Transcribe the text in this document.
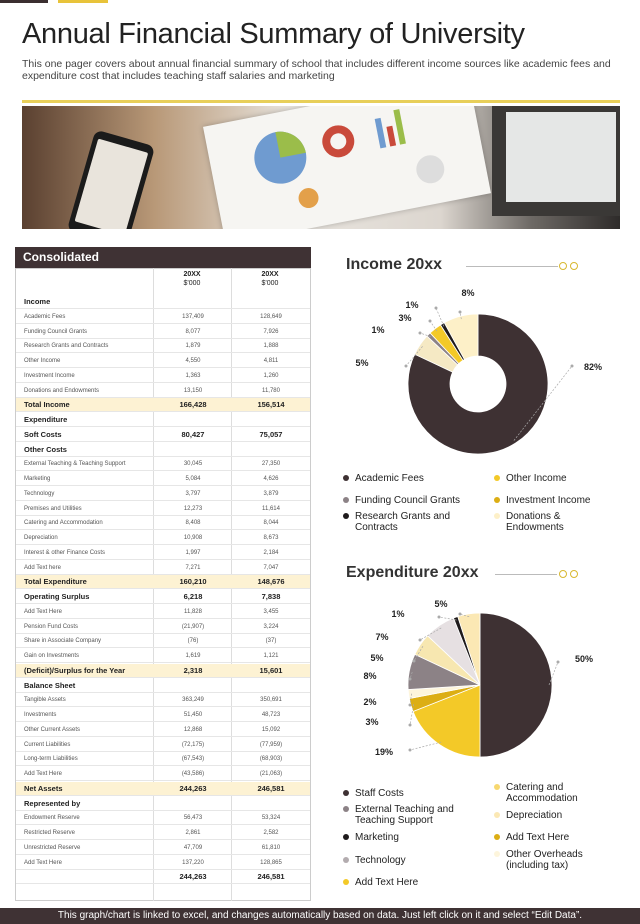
Annual Financial Summary of University

This one pager covers about annual financial summary of school that includes different income sources like academic fees and expenditure cost that includes teaching staff salaries and marketing

Consolidated
20XX
$'000
20XX
$'000
Income
Academic Fees	137,409	128,649
Funding Council Grants	8,077	7,926
Research Grants and Contracts	1,879	1,888
Other Income	4,550	4,811
Investment Income	1,363	1,260
Donations and Endowments	13,150	11,780
Total Income	166,428	156,514
Expenditure
Soft Costs	80,427	75,057
Other Costs
External Teaching & Teaching Support	30,045	27,350
Marketing	5,084	4,626
Technology	3,797	3,879
Premises and Utilities	12,273	11,614
Catering and Accommodation	8,408	8,044
Depreciation	10,908	8,673
Interest & other Finance Costs	1,997	2,184
Add Text here	7,271	7,047
Total Expenditure	160,210	148,676
Operating Surplus	6,218	7,838
Add Text Here	11,828	3,455
Pension Fund Costs	(21,907)	3,224
Share in Associate Company	(76)	(37)
Gain on Investments	1,619	1,121
(Deficit)/Surplus for the Year	2,318	15,601
Balance Sheet
Tangible Assets	363,249	350,691
Investments	51,450	48,723
Other Current Assets	12,868	15,092
Current Liabilities	(72,175)	(77,959)
Long-term Liabilities	(67,543)	(68,903)
Add Text Here	(43,586)	(21,063)
Net Assets	244,263	246,581
Represented by
Endowment Reserve	56,473	53,324
Restricted Reserve	2,861	2,582
Unrestricted Reserve	47,709	61,810
Add Text Here	137,220	128,865
244,263	246,581
Income 20xx
82%
5%
1%
3%
1%
8%
Academic Fees	Other Income
Funding Council Grants	Investment Income
Research Grants and Contracts
Donations & Endowments
Expenditure 20xx
50%
19%
3%
2%
8%
5%
7%
1%
5%
Staff Costs
Catering and Accommodation
External Teaching and Teaching Support	Depreciation
Marketing	Add Text Here
Technology
Other Overheads (including tax)
Add Text Here
This graph/chart is linked to excel, and changes automatically based on data. Just left click on it and select “Edit Data”.
